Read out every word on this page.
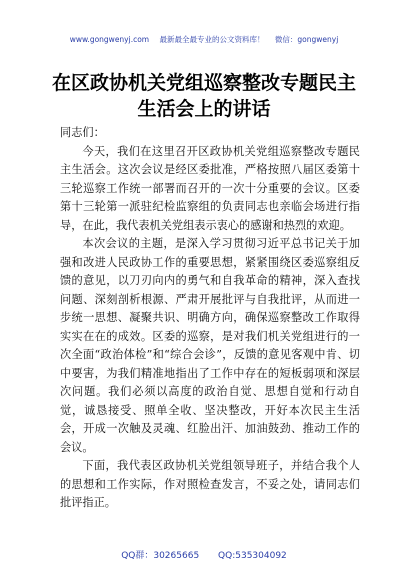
www.gongwenyj.com 最新最全最专业的公文资料库！ 微信：gongwenyj
在区政协机关党组巡察整改专题民主生活会上的讲话

同志们：

今天，我们在这里召开区政协机关党组巡察整改专题民主生活会。这次会议是经区委批准，严格按照八届区委第十三轮巡察工作统一部署而召开的一次十分重要的会议。区委第十三轮第一派驻纪检监察组的负责同志也亲临会场进行指导，在此，我代表机关党组表示衷心的感谢和热烈的欢迎。

本次会议的主题，是深入学习贯彻习近平总书记关于加强和改进人民政协工作的重要思想，紧紧围绕区委巡察组反馈的意见，以刀刃向内的勇气和自我革命的精神，深入查找问题、深刻剖析根源、严肃开展批评与自我批评，从而进一步统一思想、凝聚共识、明确方向，确保巡察整改工作取得实实在在的成效。区委的巡察，是对我们机关党组进行的一次全面“政治体检”和“综合会诊”，反馈的意见客观中肯、切中要害，为我们精准地指出了工作中存在的短板弱项和深层次问题。我们必须以高度的政治自觉、思想自觉和行动自觉，诚恳接受、照单全收、坚决整改，开好本次民主生活会，开成一次触及灵魂、红脸出汗、加油鼓劲、推动工作的会议。

下面，我代表区政协机关党组领导班子，并结合我个人的思想和工作实际，作对照检查发言，不妥之处，请同志们批评指正。

QQ群：30265665 QQ:535304092
